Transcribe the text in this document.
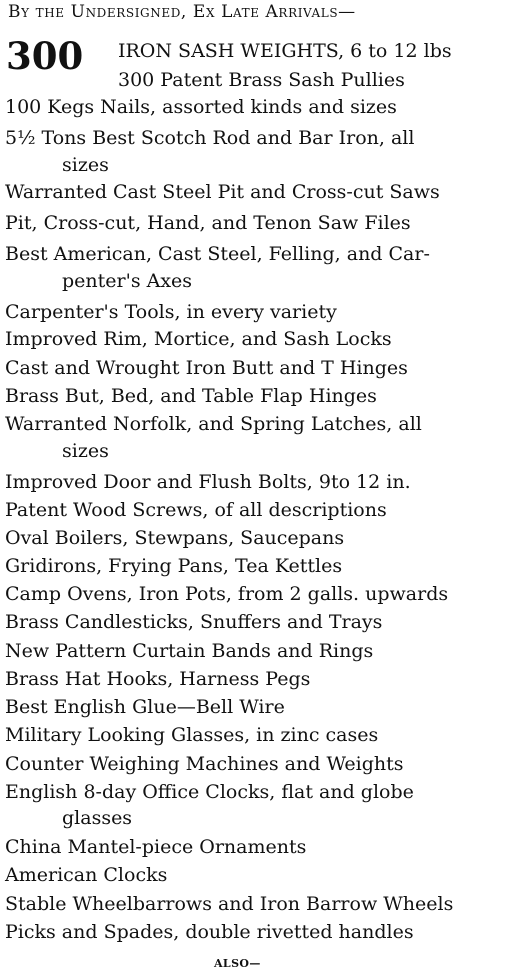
By the Undersigned, Ex Late Arrivals—
300 IRON SASH WEIGHTS, 6 to 12 lbs
300 Patent Brass Sash Pullies
100 Kegs Nails, assorted kinds and sizes
5½ Tons Best Scotch Rod and Bar Iron, all
sizes
Warranted Cast Steel Pit and Cross-cut Saws
Pit, Cross-cut, Hand, and Tenon Saw Files
Best American, Cast Steel, Felling, and Car-
penter's Axes
Carpenter's Tools, in every variety
Improved Rim, Mortice, and Sash Locks
Cast and Wrought Iron Butt and T Hinges
Brass But, Bed, and Table Flap Hinges
Warranted Norfolk, and Spring Latches, all
sizes
Improved Door and Flush Bolts, 9to 12 in.
Patent Wood Screws, of all descriptions
Oval Boilers, Stewpans, Saucepans
Gridirons, Frying Pans, Tea Kettles
Camp Ovens, Iron Pots, from 2 galls. upwards
Brass Candlesticks, Snuffers and Trays
New Pattern Curtain Bands and Rings
Brass Hat Hooks, Harness Pegs
Best English Glue—Bell Wire
Military Looking Glasses, in zinc cases
Counter Weighing Machines and Weights
English 8-day Office Clocks, flat and globe
glasses
China Mantel-piece Ornaments
American Clocks
Stable Wheelbarrows and Iron Barrow Wheels
Picks and Spades, double rivetted handles
ALSO—
